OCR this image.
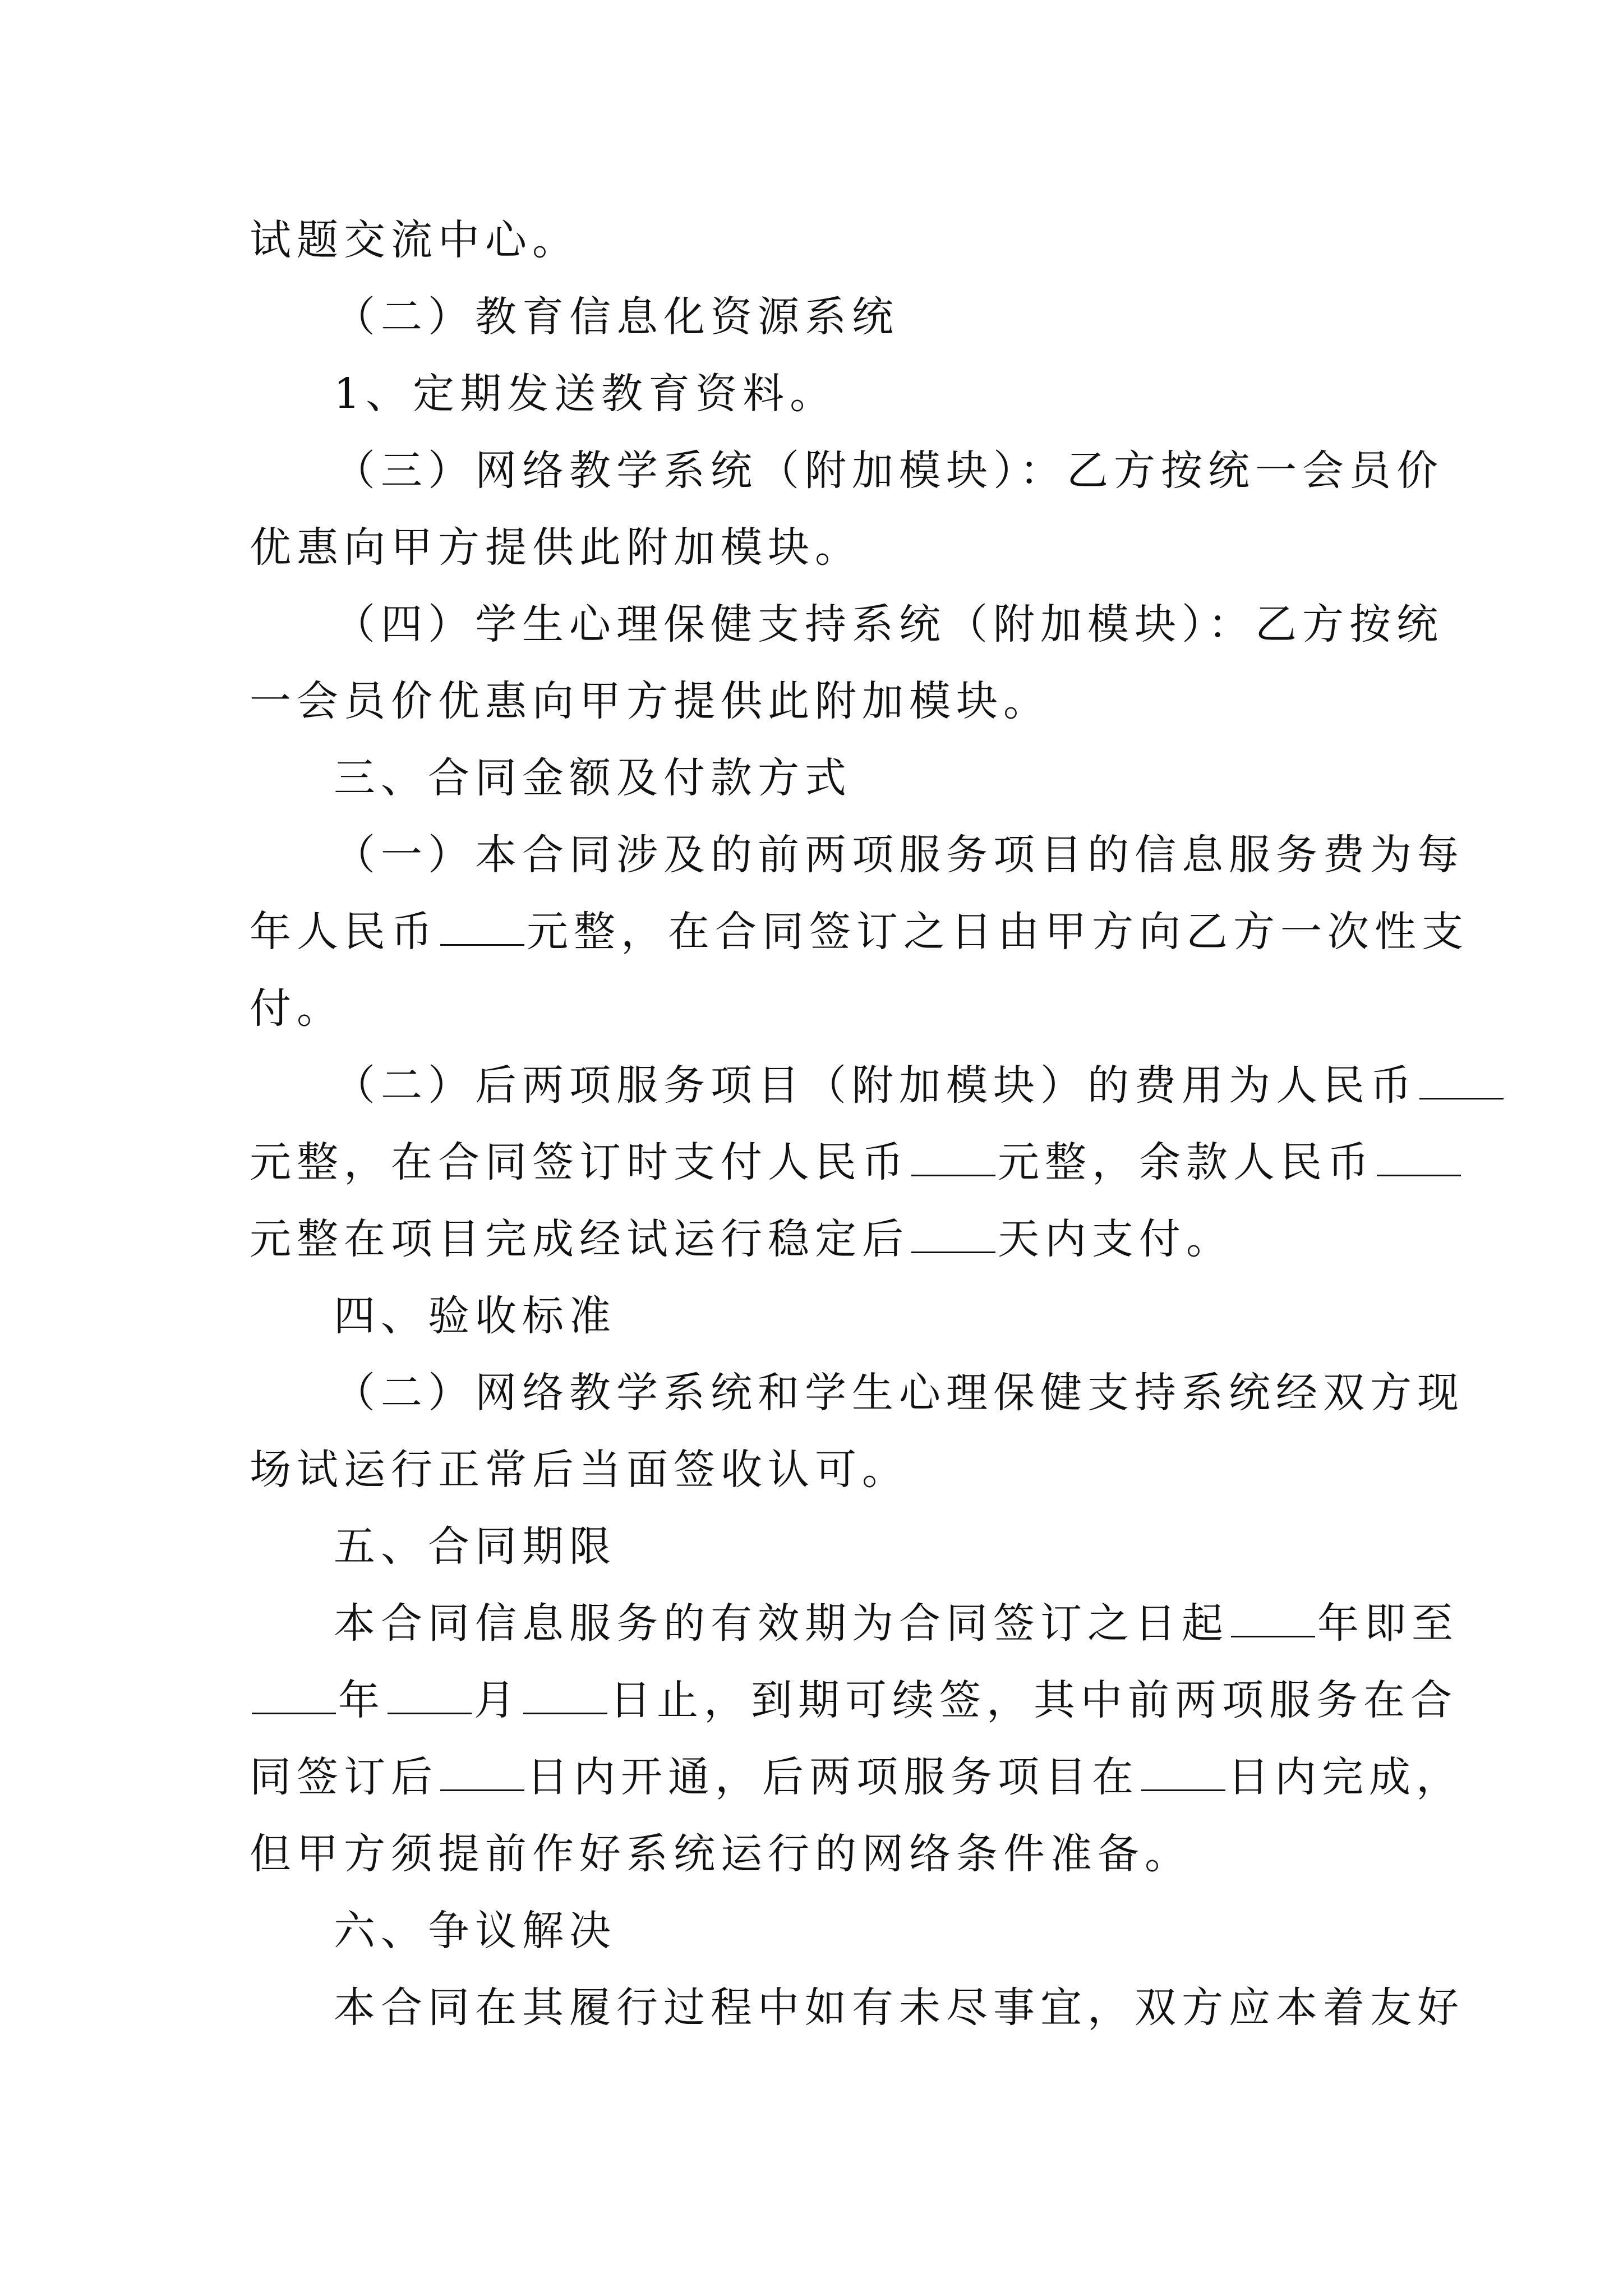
试题交流中心。
（二）教育信息化资源系统
1、定期发送教育资料。
（三）网络教学系统（附加模块）：乙方按统一会员价
优惠向甲方提供此附加模块。
（四）学生心理保健支持系统（附加模块）：乙方按统
一会员价优惠向甲方提供此附加模块。
三、合同金额及付款方式
（一）本合同涉及的前两项服务项目的信息服务费为每
年人民币 元整，在合同签订之日由甲方向乙方一次性支
付。
（二）后两项服务项目（附加模块）的费用为人民币
元整，在合同签订时支付人民币 元整，余款人民币
元整在项目完成经试运行稳定后 天内支付。
四、验收标准
（二）网络教学系统和学生心理保健支持系统经双方现
场试运行正常后当面签收认可。
五、合同期限
本合同信息服务的有效期为合同签订之日起 年即至
年 月 日止，到期可续签，其中前两项服务在合
同签订后 日内开通，后两项服务项目在 日内完成，
但甲方须提前作好系统运行的网络条件准备。
六、争议解决
本合同在其履行过程中如有未尽事宜，双方应本着友好
